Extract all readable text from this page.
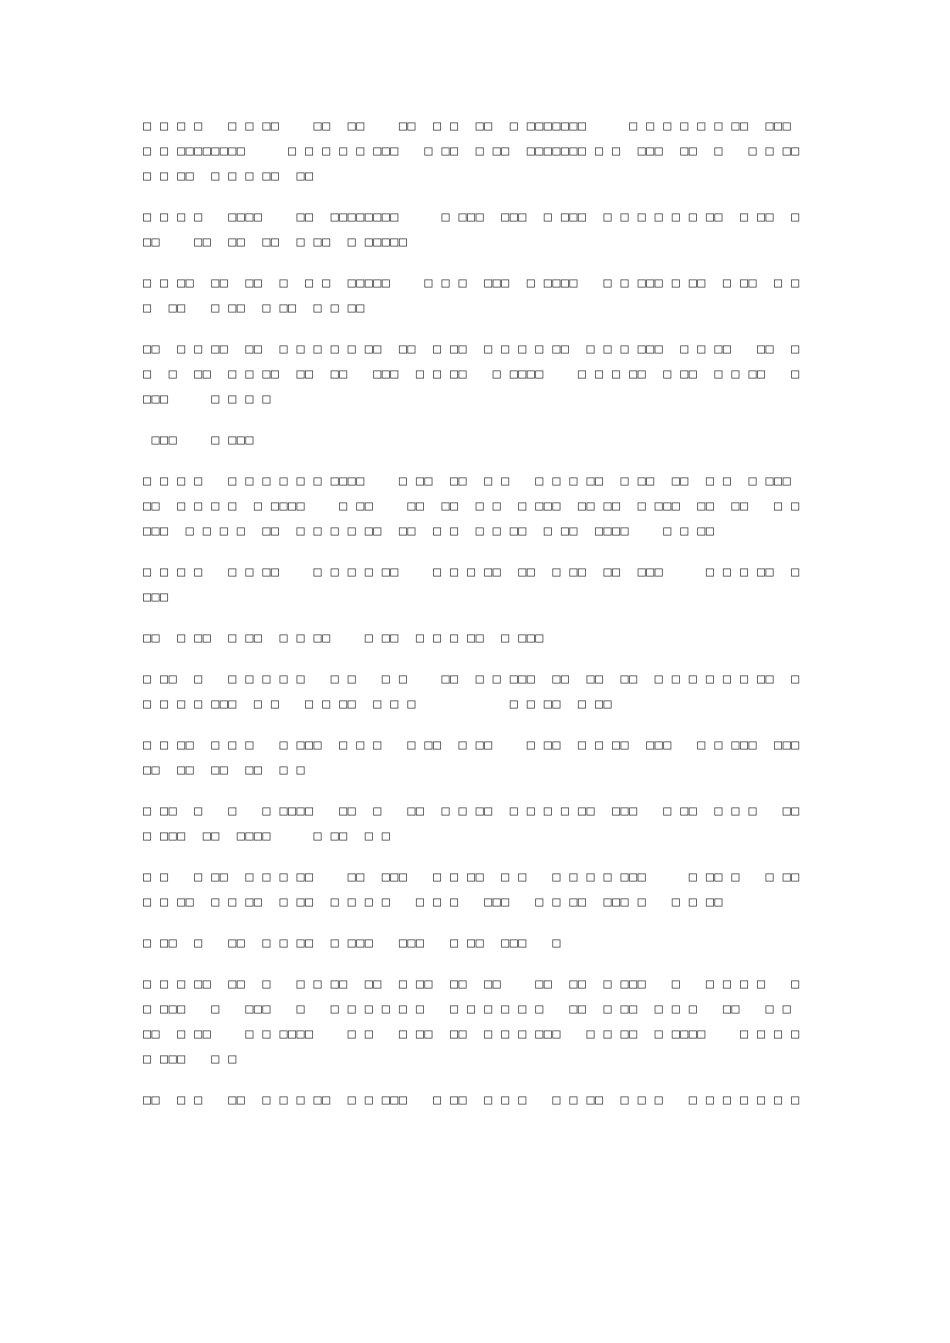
□ □ □ □   □ □ □□    □□  □□    □□  □ □  □□  □ □□□□□□□     □ □ □ □ □ □ □□  □□□   □ □ □□□□□□□□     □ □ □ □ □ □□□   □ □□  □ □□  □□□□□□□ □ □  □□□  □□  □   □ □ □□  □ □ □□  □ □ □ □□  □□

□ □ □ □   □□□□    □□  □□□□□□□□     □ □□□  □□□  □ □□□  □ □ □ □ □ □ □□  □ □□  □□□    □□  □□  □□  □ □□  □ □□□□□

□ □ □□  □□  □□  □  □ □  □□□□□    □ □ □  □□□  □ □□□□   □ □ □□□ □ □□  □ □□  □ □□  □□   □ □□  □ □□  □ □ □□

□□  □ □ □□  □□  □ □ □ □ □ □□  □□  □ □□  □ □ □ □ □□  □ □ □ □□□  □ □ □□   □□  □□  □  □□  □ □ □□  □□  □□   □□□  □ □ □□   □ □□□□    □ □ □ □□  □ □□  □ □ □□   □ □□□     □ □ □ □

□□□    □ □□□

□ □ □ □   □ □ □ □ □ □ □□□□    □ □□  □□  □ □   □ □ □ □□  □ □□  □□  □ □  □ □□□  □□  □ □ □ □  □ □□□□    □ □□    □□  □□  □ □  □ □□□  □□ □□  □ □□□  □□  □□   □ □ □□□  □ □ □ □  □□  □ □ □ □ □□  □□  □ □  □ □ □□  □ □□  □□□□    □ □ □□

□ □ □ □   □ □ □□    □ □ □ □ □□    □ □ □ □□  □□  □ □□  □□  □□□     □ □ □ □□  □□□□

□□  □ □□  □ □□  □ □ □□    □ □□  □ □ □ □□  □ □□□

□ □□  □   □ □ □ □ □   □ □   □ □    □□  □ □ □□□  □□  □□  □□  □ □ □ □ □ □ □□  □ □ □ □ □ □□□  □ □   □ □ □□  □ □ □           □ □ □□  □ □□

□ □ □□  □ □ □   □ □□□  □ □ □   □ □□  □ □□    □ □□  □ □ □□  □□□   □ □ □□□  □□□  □□  □□  □□  □□  □ □

□ □□  □   □   □ □□□□   □□  □   □□  □ □ □□  □ □ □ □ □□  □□□   □ □□  □ □ □   □□  □ □□□  □□  □□□□     □ □□  □ □

□ □   □ □□  □ □ □ □□    □□  □□□   □ □ □□  □ □   □ □ □ □ □□□     □ □□ □   □ □□  □ □ □□  □ □ □□  □ □□  □ □ □ □   □ □ □   □□□   □ □ □□  □□□ □   □ □ □□

□ □□  □   □□  □ □ □□  □ □□□   □□□   □ □□  □□□   □

□ □ □ □□  □□  □   □ □ □□  □□  □ □□  □□  □□    □□  □□  □ □□□   □   □ □ □ □   □ □ □□□   □   □□□   □   □ □ □ □ □ □   □ □ □ □ □ □   □□  □ □□  □ □ □   □□   □ □ □□  □ □□    □ □ □□□□    □ □   □ □□  □□  □ □ □ □□□   □ □ □□  □ □□□□    □ □ □ □ □ □□□   □ □

□□  □ □   □□  □ □ □ □□  □ □ □□□   □ □□  □ □ □   □ □ □□  □ □ □   □ □ □ □ □ □ □
